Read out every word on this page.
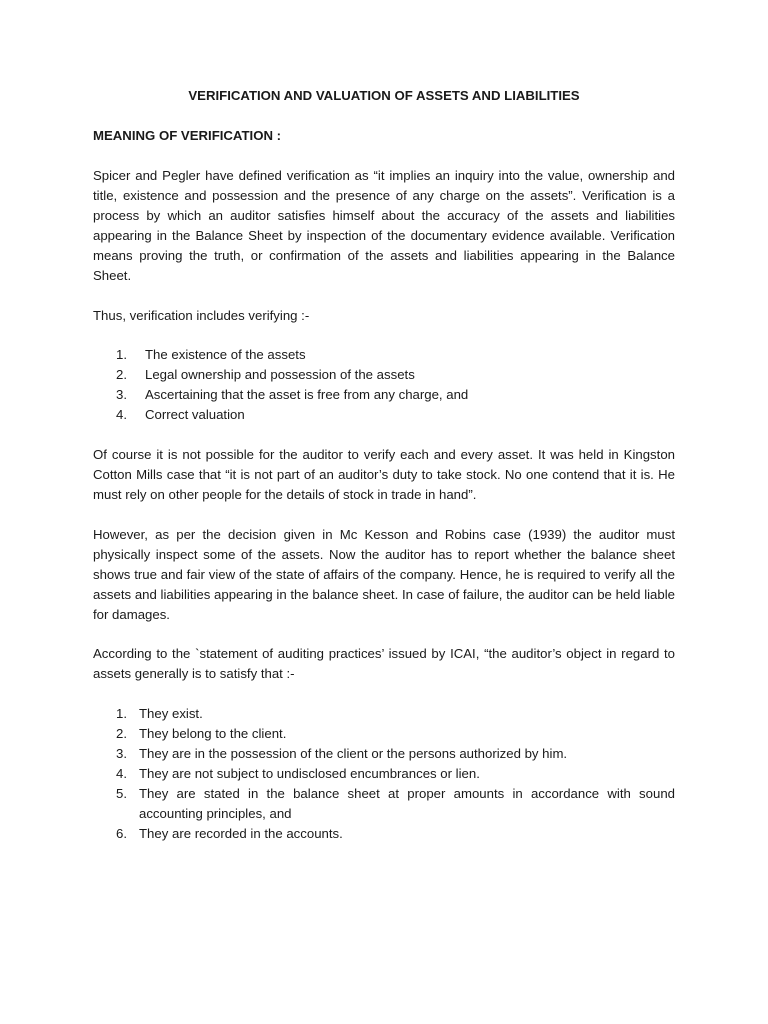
VERIFICATION AND VALUATION OF ASSETS AND LIABILITIES
MEANING OF VERIFICATION :

Spicer and Pegler have defined verification as “it implies an inquiry into the value, ownership and title, existence and possession and the presence of any charge on the assets”. Verification is a process by which an auditor satisfies himself about the accuracy of the assets and liabilities appearing in the Balance Sheet by inspection of the documentary evidence available. Verification means proving the truth, or confirmation of the assets and liabilities appearing in the Balance Sheet.

Thus, verification includes verifying :-

1.	The existence of the assets
2.	Legal ownership and possession of the assets
3.	Ascertaining that the asset is free from any charge, and
4.	Correct valuation

Of course it is not possible for the auditor to verify each and every asset. It was held in Kingston Cotton Mills case that “it is not part of an auditor’s duty to take stock. No one contend that it is. He must rely on other people for the details of stock in trade in hand”.

However, as per the decision given in Mc Kesson and Robins case (1939) the auditor must physically inspect some of the assets. Now the auditor has to report whether the balance sheet shows true and fair view of the state of affairs of the company. Hence, he is required to verify all the assets and liabilities appearing in the balance sheet. In case of failure, the auditor can be held liable for damages.

According to the `statement of auditing practices’ issued by ICAI, “the auditor’s object in regard to assets generally is to satisfy that :-

1. They exist.
2. They belong to the client.
3. They are in the possession of the client or the persons authorized by him.
4. They are not subject to undisclosed encumbrances or lien.
5. They are stated in the balance sheet at proper amounts in accordance with sound accounting principles, and
6. They are recorded in the accounts.
